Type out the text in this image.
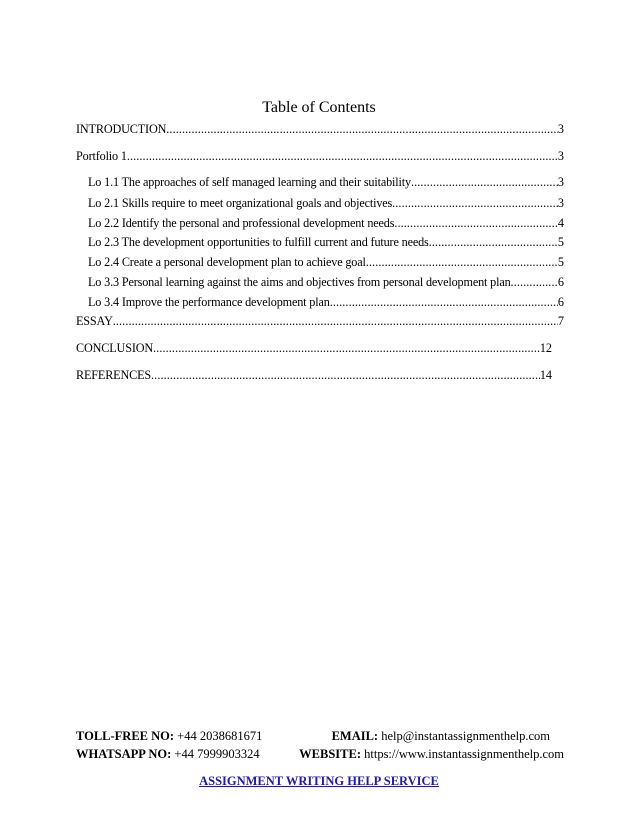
Table of Contents
INTRODUCTION .....	3
Portfolio 1 .....	3
Lo 1.1 The approaches of self managed learning and their suitability .....	3
Lo 2.1 Skills require to meet organizational goals and objectives .....	3
Lo 2.2 Identify the personal and professional development needs .....	4
Lo 2.3 The development opportunities to fulfill current and future needs .....	5
Lo 2.4 Create a personal development plan to achieve goal .....	5
Lo 3.3 Personal learning against the aims and objectives from personal development plan .....	6
Lo 3.4 Improve the performance development plan .....	6
ESSAY .....	7
CONCLUSION .....	12
REFERENCES .....	14
TOLL-FREE NO: +44 2038681671	EMAIL: help@instantassignmenthelp.com
WHATSAPP NO: +44 7999903324	WEBSITE: https://www.instantassignmenthelp.com
ASSIGNMENT WRITING HELP SERVICE
